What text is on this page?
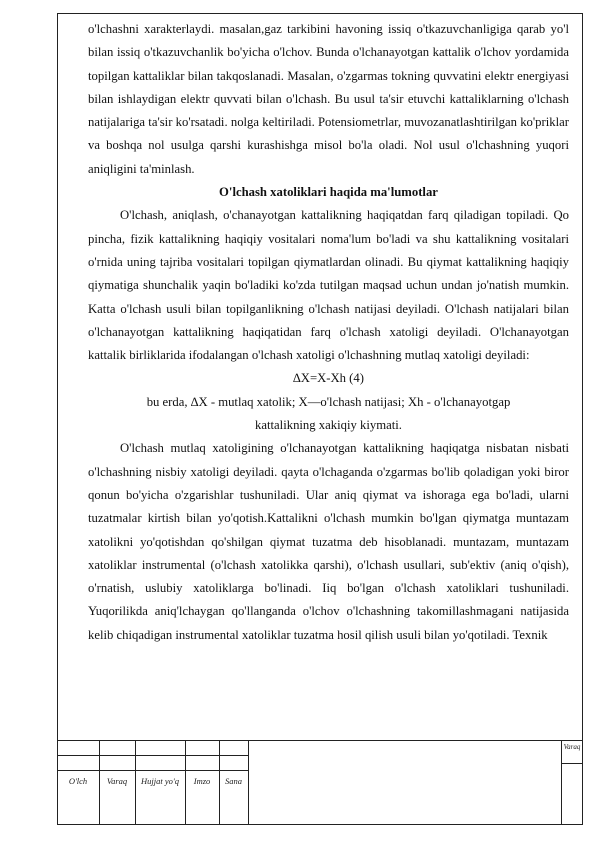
o'lchashni xarakterlaydi. masalan,gaz tarkibini havoning issiq o'tkazuvchanligiga qarab yo'l bilan issiq o'tkazuvchanlik bo'yicha o'lchov. Bunda o'lchanayotgan kattalik o'lchov yordamida topilgan kattaliklar bilan takqoslanadi. Masalan, o'zgarmas tokning quvvatini elektr energiyasi bilan ishlaydigan elektr quvvati bilan o'lchash. Bu usul ta'sir etuvchi kattaliklarning o'lchash natijalariga ta'sir ko'rsatadi. nolga keltiriladi. Potensiometrlar, muvozanatlashtirilgan ko'priklar va boshqa nol usulga qarshi kurashishga misol bo'la oladi. Nol usul o'lchashning yuqori aniqligini ta'minlash.

O'lchash xatoliklari haqida ma'lumotlar

O'lchash, aniqlash, o'chanayotgan kattalikning haqiqatdan farq qiladigan topiladi. Qo pincha, fizik kattalikning haqiqiy vositalari noma'lum bo'ladi va shu kattalikning vositalari o'rnida uning tajriba vositalari topilgan qiymatlardan olinadi. Bu qiymat kattalikning haqiqiy qiymatiga shunchalik yaqin bo'ladiki ko'zda tutilgan maqsad uchun undan jo'natish mumkin. Katta o'lchash usuli bilan topilganlikning o'lchash natijasi deyiladi. O'lchash natijalari bilan o'lchanayotgan kattalikning haqiqatidan farq o'lchash xatoligi deyiladi. O'lchanayotgan kattalik birliklarida ifodalangan o'lchash xatoligi o'lchashning mutlaq xatoligi deyiladi:

∆X=X-Xh (4)

bu erda, ∆X - mutlaq xatolik; X—o'lchash natijasi; Xh - o'lchanayotgap

kattalikning xakiqiy kiymati.

O'lchash mutlaq xatoligining o'lchanayotgan kattalikning haqiqatga nisbatan nisbati o'lchashning nisbiy xatoligi deyiladi. qayta o'lchaganda o'zgarmas bo'lib qoladigan yoki biror qonun bo'yicha o'zgarishlar tushuniladi. Ular aniq qiymat va ishoraga ega bo'ladi, ularni tuzatmalar kirtish bilan yo'qotish.Kattalikni o'lchash mumkin bo'lgan qiymatga muntazam xatolikni yo'qotishdan qo'shilgan qiymat tuzatma deb hisoblanadi. muntazam, muntazam xatoliklar instrumental (o'lchash xatolikka qarshi), o'lchash usullari, sub'ektiv (aniq o'qish), o'rnatish, uslubiy xatoliklarga bo'linadi. Iiq bo'lgan o'lchash xatoliklari tushuniladi. Yuqorilikda aniq'lchaygan qo'llanganda o'lchov o'lchashning takomillashmagani natijasida kelib chiqadigan instrumental xatoliklar tuzatma hosil qilish usuli bilan yo'qotiladi. Texnik

O'lch	Varaq	Hujjat yo'q	Imzo	Sana
Varaq
